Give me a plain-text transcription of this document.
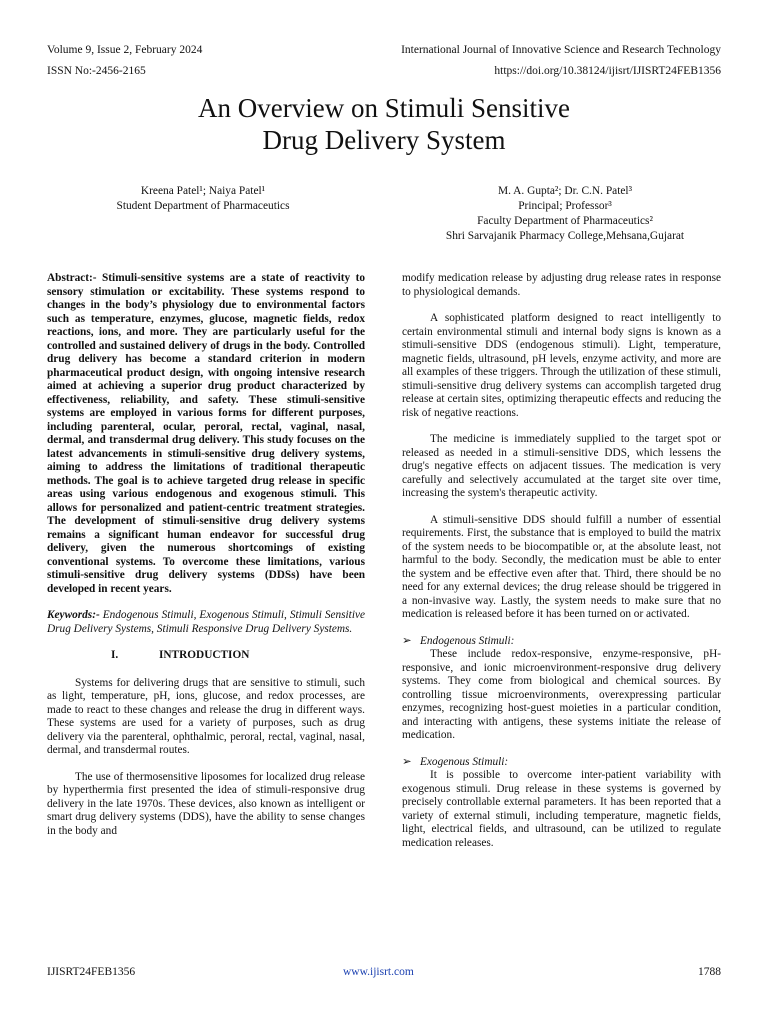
Volume 9, Issue 2, February 2024	International Journal of Innovative Science and Research Technology
ISSN No:-2456-2165	https://doi.org/10.38124/ijisrt/IJISRT24FEB1356
An Overview on Stimuli Sensitive
Drug Delivery System
Kreena Patel¹; Naiya Patel¹
Student Department of Pharmaceutics
M. A. Gupta²; Dr. C.N. Patel³
Principal; Professor³
Faculty Department of Pharmaceutics²
Shri Sarvajanik Pharmacy College,Mehsana,Gujarat

Abstract:- Stimuli-sensitive systems are a state of reactivity to sensory stimulation or excitability. These systems respond to changes in the body’s physiology due to environmental factors such as temperature, enzymes, glucose, magnetic fields, redox reactions, ions, and more. They are particularly useful for the controlled and sustained delivery of drugs in the body. Controlled drug delivery has become a standard criterion in modern pharmaceutical product design, with ongoing intensive research aimed at achieving a superior drug product characterized by effectiveness, reliability, and safety. These stimuli-sensitive systems are employed in various forms for different purposes, including parenteral, ocular, peroral, rectal, vaginal, nasal, dermal, and transdermal drug delivery. This study focuses on the latest advancements in stimuli-sensitive drug delivery systems, aiming to address the limitations of traditional therapeutic methods. The goal is to achieve targeted drug release in specific areas using various endogenous and exogenous stimuli. This allows for personalized and patient-centric treatment strategies. The development of stimuli-sensitive drug delivery systems remains a significant human endeavor for successful drug delivery, given the numerous shortcomings of existing conventional systems. To overcome these limitations, various stimuli-sensitive drug delivery systems (DDSs) have been developed in recent years.

Keywords:- Endogenous Stimuli, Exogenous Stimuli, Stimuli Sensitive Drug Delivery Systems, Stimuli Responsive Drug Delivery Systems.

I.	INTRODUCTION

Systems for delivering drugs that are sensitive to stimuli, such as light, temperature, pH, ions, glucose, and redox processes, are made to react to these changes and release the drug in different ways. These systems are used for a variety of purposes, such as drug delivery via the parenteral, ophthalmic, peroral, rectal, vaginal, nasal, dermal, and transdermal routes.

The use of thermosensitive liposomes for localized drug release by hyperthermia first presented the idea of stimuli-responsive drug delivery in the late 1970s. These devices, also known as intelligent or smart drug delivery systems (DDS), have the ability to sense changes in the body and

modify medication release by adjusting drug release rates in response to physiological demands.

A sophisticated platform designed to react intelligently to certain environmental stimuli and internal body signs is known as a stimuli-sensitive DDS (endogenous stimuli). Light, temperature, magnetic fields, ultrasound, pH levels, enzyme activity, and more are all examples of these triggers. Through the utilization of these stimuli, stimuli-sensitive drug delivery systems can accomplish targeted drug release at certain sites, optimizing therapeutic effects and reducing the risk of negative reactions.

The medicine is immediately supplied to the target spot or released as needed in a stimuli-sensitive DDS, which lessens the drug's negative effects on adjacent tissues. The medication is very carefully and selectively accumulated at the target site over time, increasing the system's therapeutic activity.

A stimuli-sensitive DDS should fulfill a number of essential requirements. First, the substance that is employed to build the matrix of the system needs to be biocompatible or, at the absolute least, not harmful to the body. Secondly, the medication must be able to enter the system and be effective even after that. Third, there should be no need for any external devices; the drug release should be triggered in a non-invasive way. Lastly, the system needs to make sure that no medication is released before it has been turned on or activated.

➢ Endogenous Stimuli:

These include redox-responsive, enzyme-responsive, pH-responsive, and ionic microenvironment-responsive drug delivery systems. They come from biological and chemical sources. By controlling tissue microenvironments, overexpressing particular enzymes, recognizing host-guest moieties in a particular condition, and interacting with antigens, these systems initiate the release of medication.

➢ Exogenous Stimuli:

It is possible to overcome inter-patient variability with exogenous stimuli. Drug release in these systems is governed by precisely controllable external parameters. It has been reported that a variety of external stimuli, including temperature, magnetic fields, light, electrical fields, and ultrasound, can be utilized to regulate medication releases.

IJISRT24FEB1356	www.ijisrt.com	1788
